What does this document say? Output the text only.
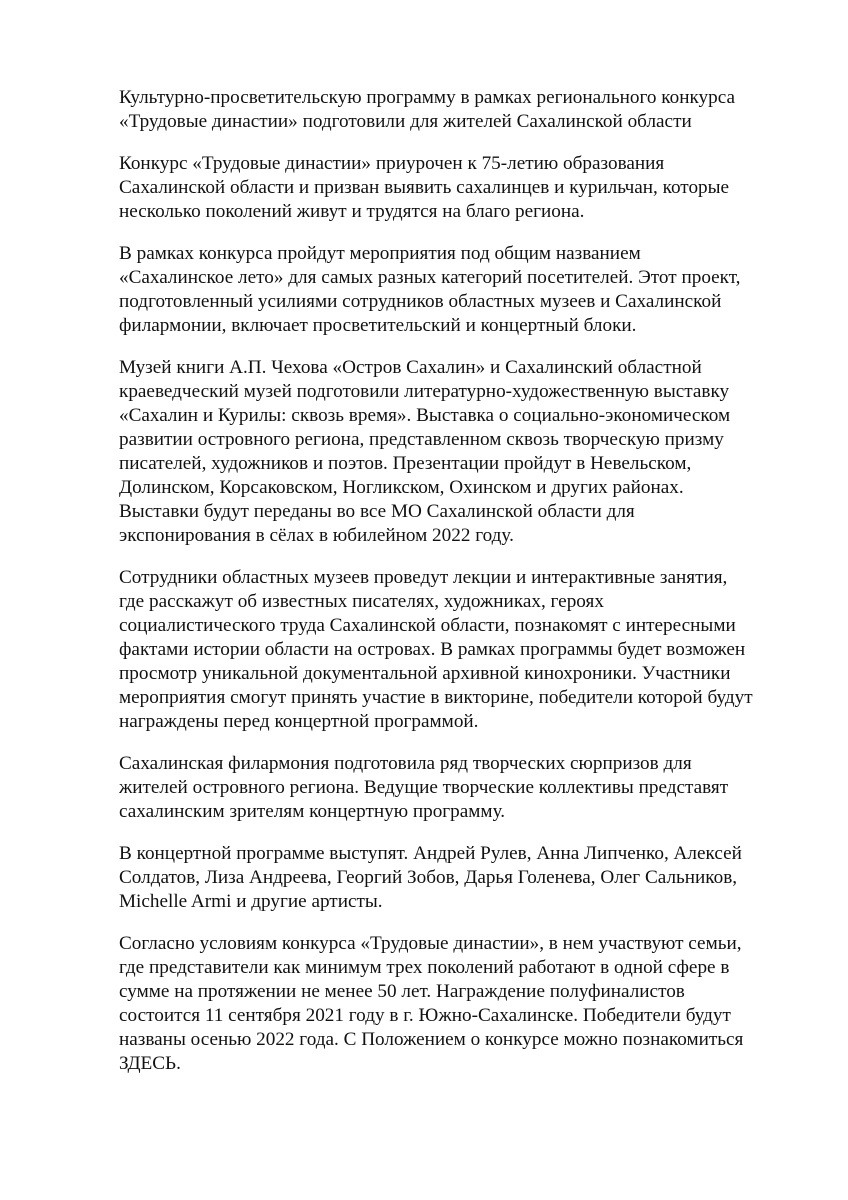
Культурно-просветительскую программу в рамках регионального конкурса
«Трудовые династии» подготовили для жителей Сахалинской области

Конкурс «Трудовые династии» приурочен к 75-летию образования
Сахалинской области и призван выявить сахалинцев и курильчан, которые
несколько поколений живут и трудятся на благо региона.

В рамках конкурса пройдут мероприятия под общим названием
«Сахалинское лето» для самых разных категорий посетителей. Этот проект,
подготовленный усилиями сотрудников областных музеев и Сахалинской
филармонии, включает просветительский и концертный блоки.

Музей книги А.П. Чехова «Остров Сахалин» и Сахалинский областной
краеведческий музей подготовили литературно-художественную выставку
«Сахалин и Курилы: сквозь время». Выставка о социально-экономическом
развитии островного региона, представленном сквозь творческую призму
писателей, художников и поэтов. Презентации пройдут в Невельском,
Долинском, Корсаковском, Ногликском, Охинском и других районах.
Выставки будут переданы во все МО Сахалинской области для
экспонирования в сёлах в юбилейном 2022 году.

Сотрудники областных музеев проведут лекции и интерактивные занятия,
где расскажут об известных писателях, художниках, героях
социалистического труда Сахалинской области, познакомят с интересными
фактами истории области на островах. В рамках программы будет возможен
просмотр уникальной документальной архивной кинохроники. Участники
мероприятия смогут принять участие в викторине, победители которой будут
награждены перед концертной программой.

Сахалинская филармония подготовила ряд творческих сюрпризов для
жителей островного региона. Ведущие творческие коллективы представят
сахалинским зрителям концертную программу.

В концертной программе выступят. Андрей Рулев, Анна Липченко, Алексей
Солдатов, Лиза Андреева, Георгий Зобов, Дарья Голенева, Олег Сальников,
Michelle Armi и другие артисты.

Согласно условиям конкурса «Трудовые династии», в нем участвуют семьи,
где представители как минимум трех поколений работают в одной сфере в
сумме на протяжении не менее 50 лет. Награждение полуфиналистов
состоится 11 сентября 2021 году в г. Южно-Сахалинске. Победители будут
названы осенью 2022 года. С Положением о конкурсе можно познакомиться
ЗДЕСЬ.
